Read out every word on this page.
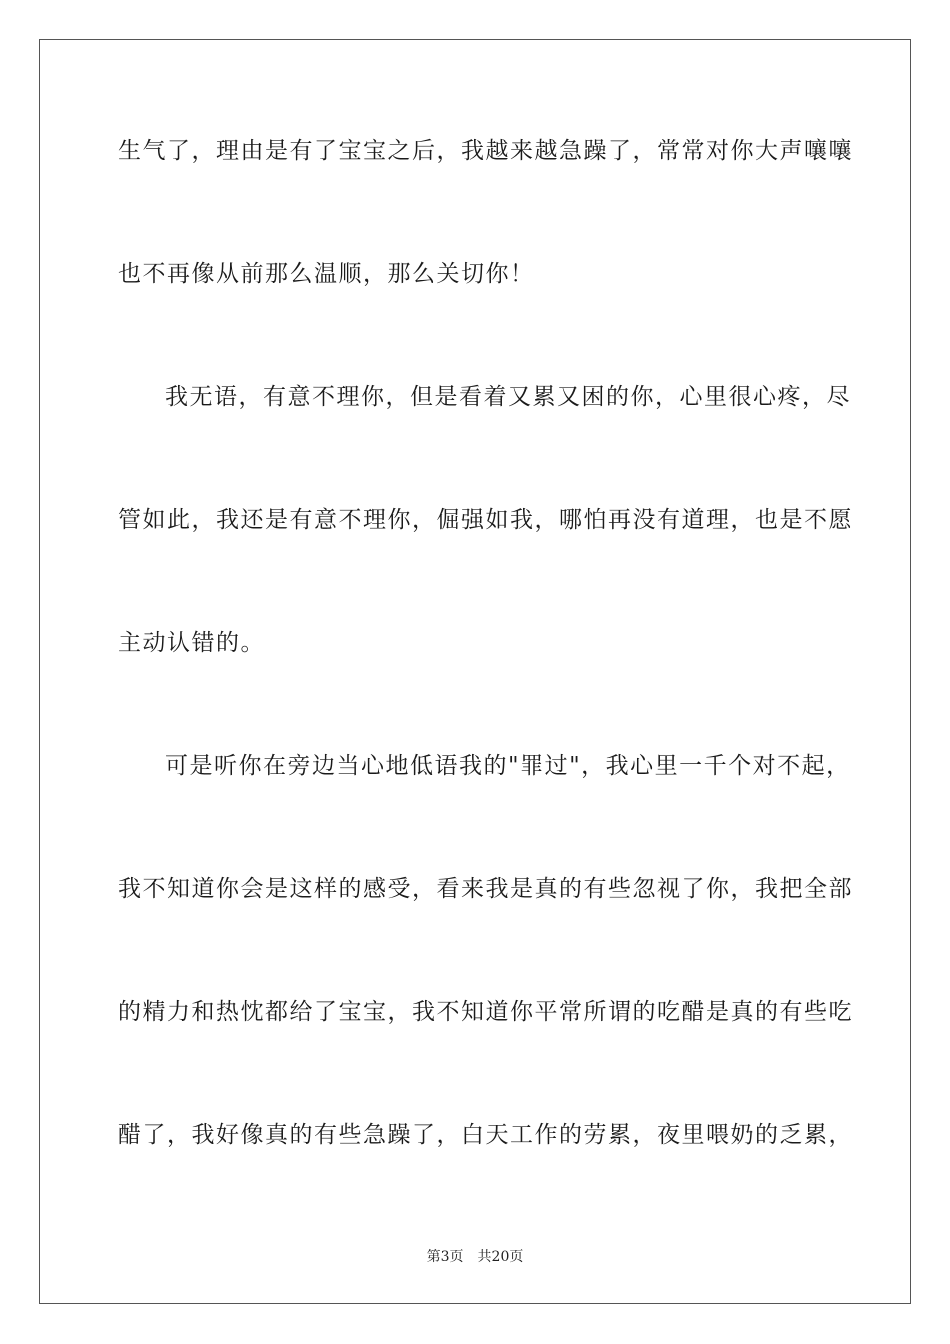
生气了，理由是有了宝宝之后，我越来越急躁了，常常对你大声嚷嚷
也不再像从前那么温顺，那么关切你！
我无语，有意不理你，但是看着又累又困的你，心里很心疼，尽
管如此，我还是有意不理你，倔强如我，哪怕再没有道理，也是不愿
主动认错的。
可是听你在旁边当心地低语我的"罪过"，我心里一千个对不起，
我不知道你会是这样的感受，看来我是真的有些忽视了你，我把全部
的精力和热忱都给了宝宝，我不知道你平常所谓的吃醋是真的有些吃
醋了，我好像真的有些急躁了，白天工作的劳累，夜里喂奶的乏累，
第3页 共20页
